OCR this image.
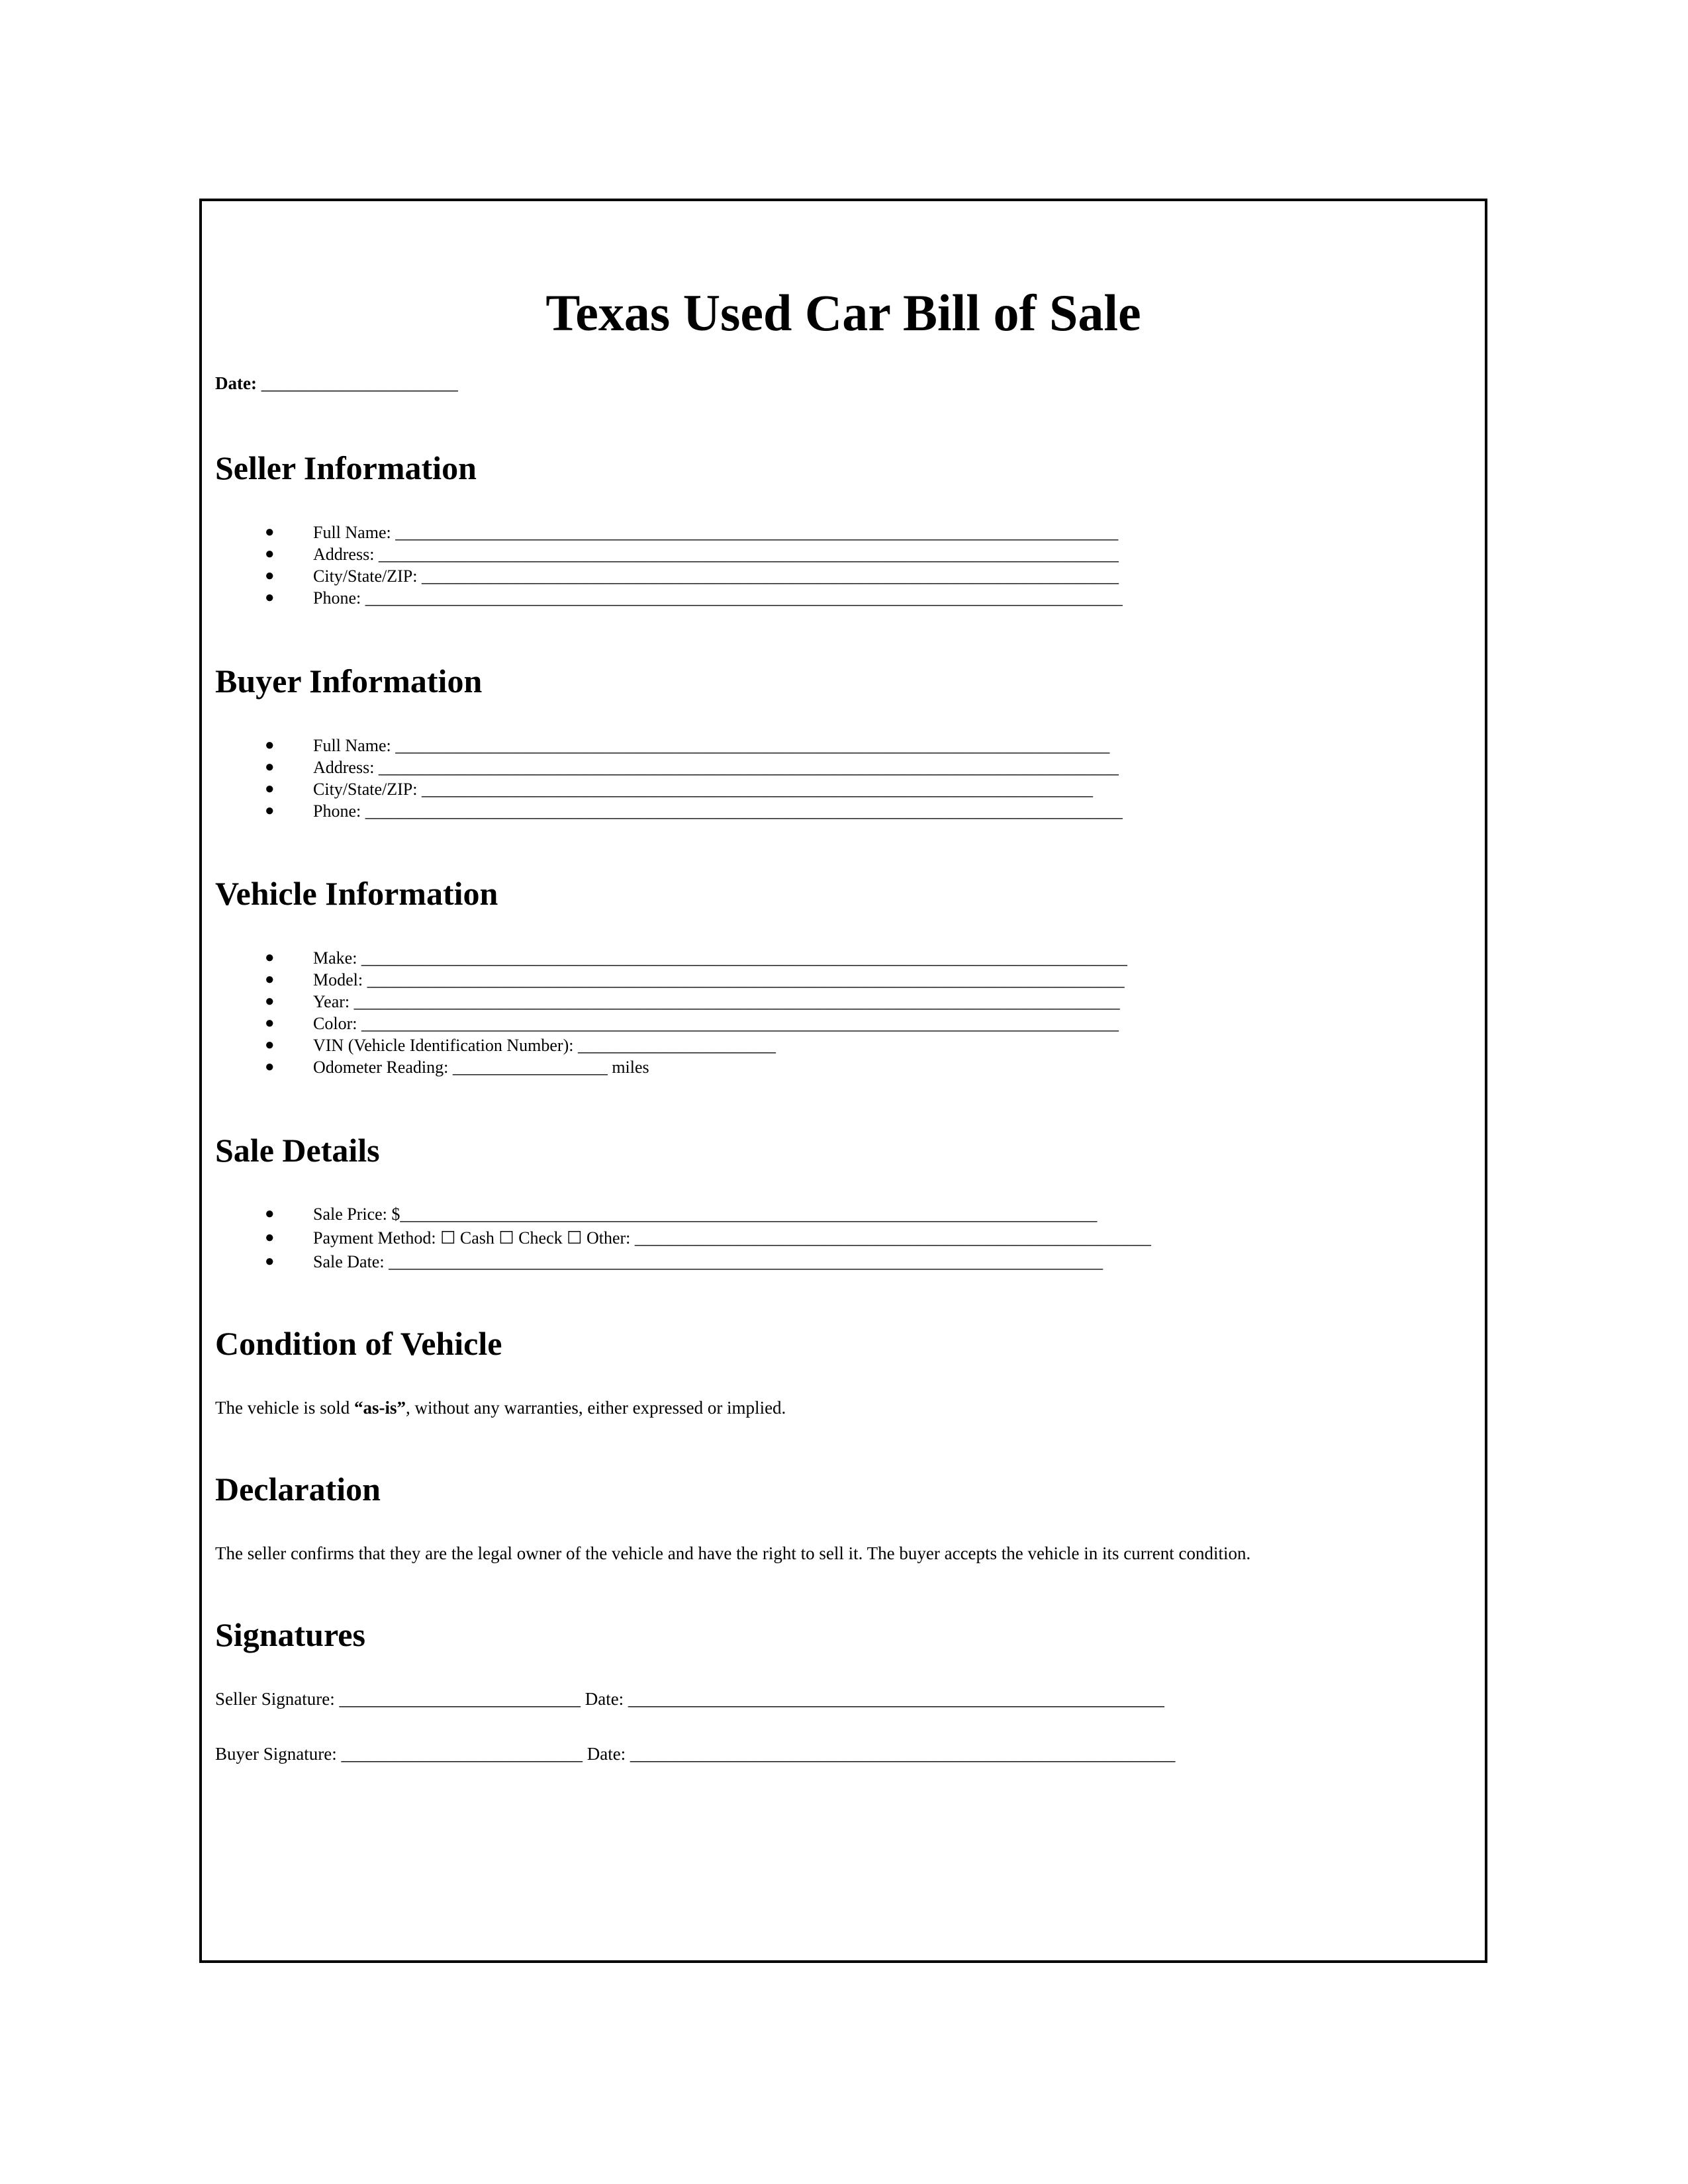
Texas Used Car Bill of Sale
Date: ______________________
Seller Information
● Full Name: ____________________________________________________________________________________
● Address: ______________________________________________________________________________________
● City/State/ZIP: _________________________________________________________________________________
● Phone: ________________________________________________________________________________________
Buyer Information
● Full Name: ___________________________________________________________________________________
● Address: ______________________________________________________________________________________
● City/State/ZIP: ______________________________________________________________________________
● Phone: ________________________________________________________________________________________
Vehicle Information
● Make: _________________________________________________________________________________________
● Model: ________________________________________________________________________________________
● Year: _________________________________________________________________________________________
● Color: ________________________________________________________________________________________
● VIN (Vehicle Identification Number): _______________________
● Odometer Reading: __________________ miles
Sale Details
● Sale Price: $_________________________________________________________________________________
● Payment Method: ☐ Cash ☐ Check ☐ Other: ____________________________________________________________
● Sale Date: ___________________________________________________________________________________
Condition of Vehicle
The vehicle is sold “as-is”, without any warranties, either expressed or implied.
Declaration
The seller confirms that they are the legal owner of the vehicle and have the right to sell it. The buyer accepts the vehicle in its current condition.
Signatures
Seller Signature: ___________________________ Date: ____________________________________________________________
Buyer Signature: ___________________________ Date: _____________________________________________________________
